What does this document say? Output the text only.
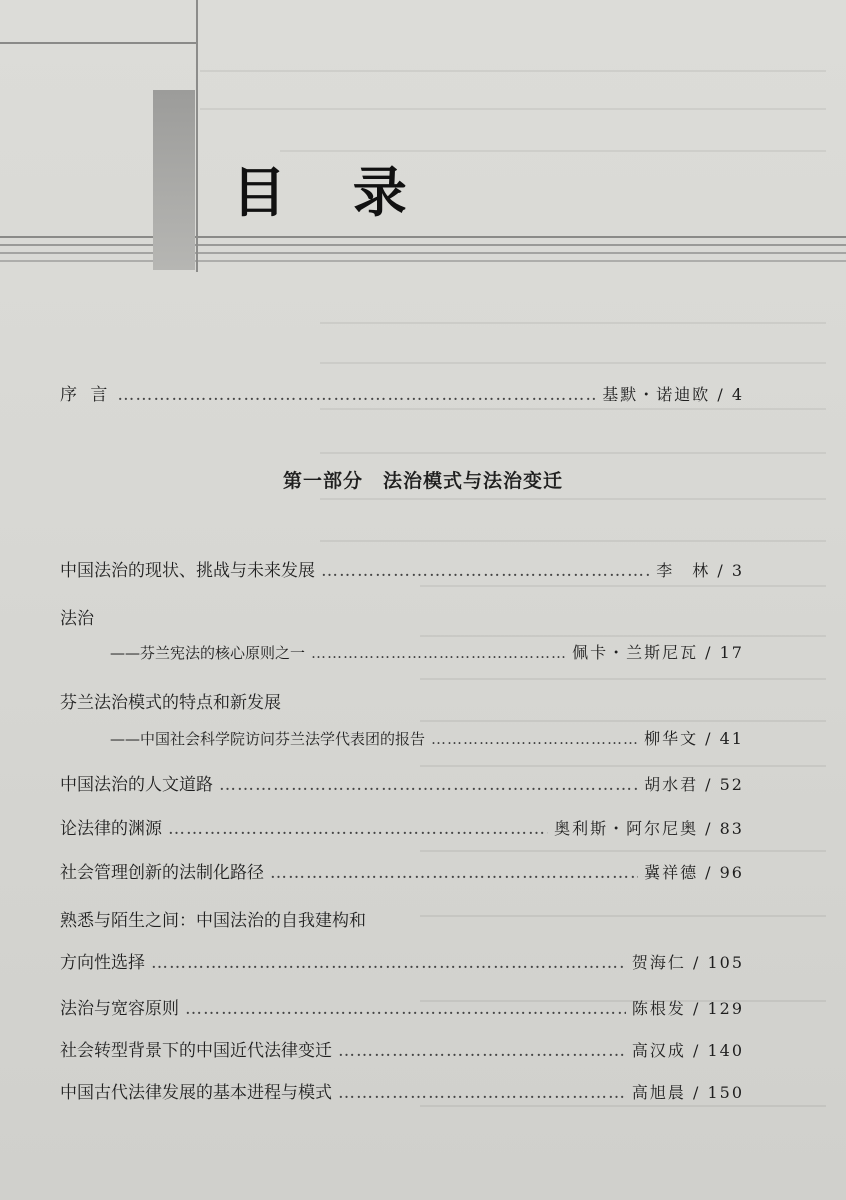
目 录
序 言 ……………………………………………………………………………………………………………………………………	基默・诺迪欧 / 4
第一部分　法治模式与法治变迁
中国法治的现状、挑战与未来发展 ……………………………………………………………………………………………………………………………………	李　林 / 3
法治
——芬兰宪法的核心原则之一 ……………………………………………………………………………………………………………………………………	佩卡・兰斯尼瓦 / 17
芬兰法治模式的特点和新发展
——中国社会科学院访问芬兰法学代表团的报告 ……………………………………………………………………………………………………………………………………	柳华文 / 41
中国法治的人文道路 ……………………………………………………………………………………………………………………………………	胡水君 / 52
论法律的渊源 ……………………………………………………………………………………………………………………………………	奥利斯・阿尔尼奥 / 83
社会管理创新的法制化路径 ……………………………………………………………………………………………………………………………………	冀祥德 / 96
熟悉与陌生之间：中国法治的自我建构和
方向性选择 ……………………………………………………………………………………………………………………………………	贺海仁 / 105
法治与宽容原则 ……………………………………………………………………………………………………………………………………	陈根发 / 129
社会转型背景下的中国近代法律变迁 ……………………………………………………………………………………………………………………………………	高汉成 / 140
中国古代法律发展的基本进程与模式 ……………………………………………………………………………………………………………………………………	高旭晨 / 150
